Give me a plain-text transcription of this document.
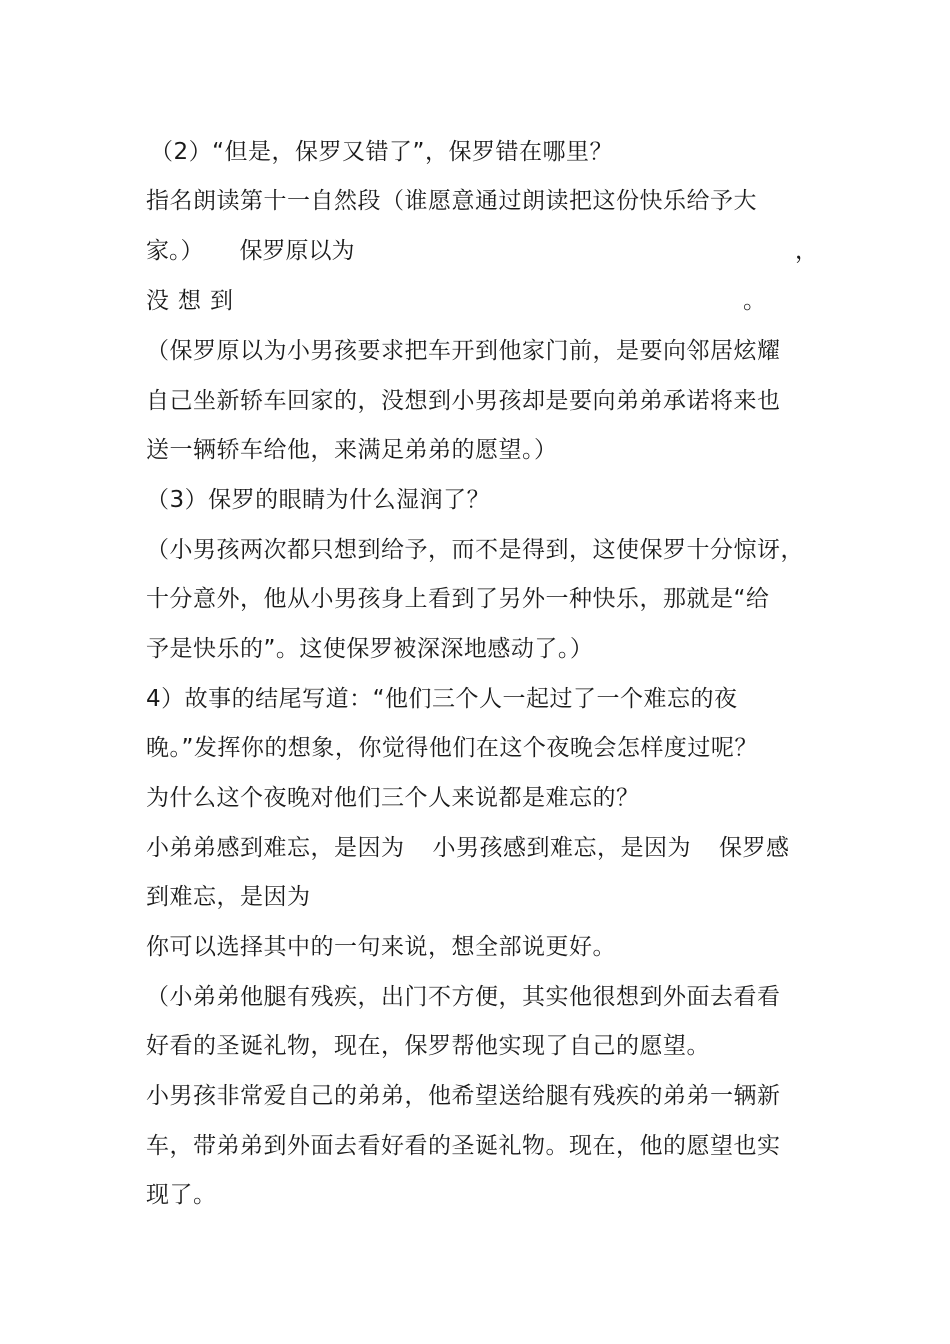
（2）“但是，保罗又错了”，保罗错在哪里？
指名朗读第十一自然段（谁愿意通过朗读把这份快乐给予大
家。） 保罗原以为	，
没想到	。
（保罗原以为小男孩要求把车开到他家门前，是要向邻居炫耀
自己坐新轿车回家的，没想到小男孩却是要向弟弟承诺将来也
送一辆轿车给他，来满足弟弟的愿望。）
（3）保罗的眼睛为什么湿润了？
（小男孩两次都只想到给予，而不是得到，这使保罗十分惊讶，
十分意外，他从小男孩身上看到了另外一种快乐，那就是“给
予是快乐的”。这使保罗被深深地感动了。）
4）故事的结尾写道：“他们三个人一起过了一个难忘的夜
晚。”发挥你的想象，你觉得他们在这个夜晚会怎样度过呢？
为什么这个夜晚对他们三个人来说都是难忘的？
小弟弟感到难忘，是因为 小男孩感到难忘，是因为 保罗感
到难忘，是因为
你可以选择其中的一句来说，想全部说更好。
（小弟弟他腿有残疾，出门不方便，其实他很想到外面去看看
好看的圣诞礼物，现在，保罗帮他实现了自己的愿望。
小男孩非常爱自己的弟弟，他希望送给腿有残疾的弟弟一辆新
车，带弟弟到外面去看好看的圣诞礼物。现在，他的愿望也实
现了。
